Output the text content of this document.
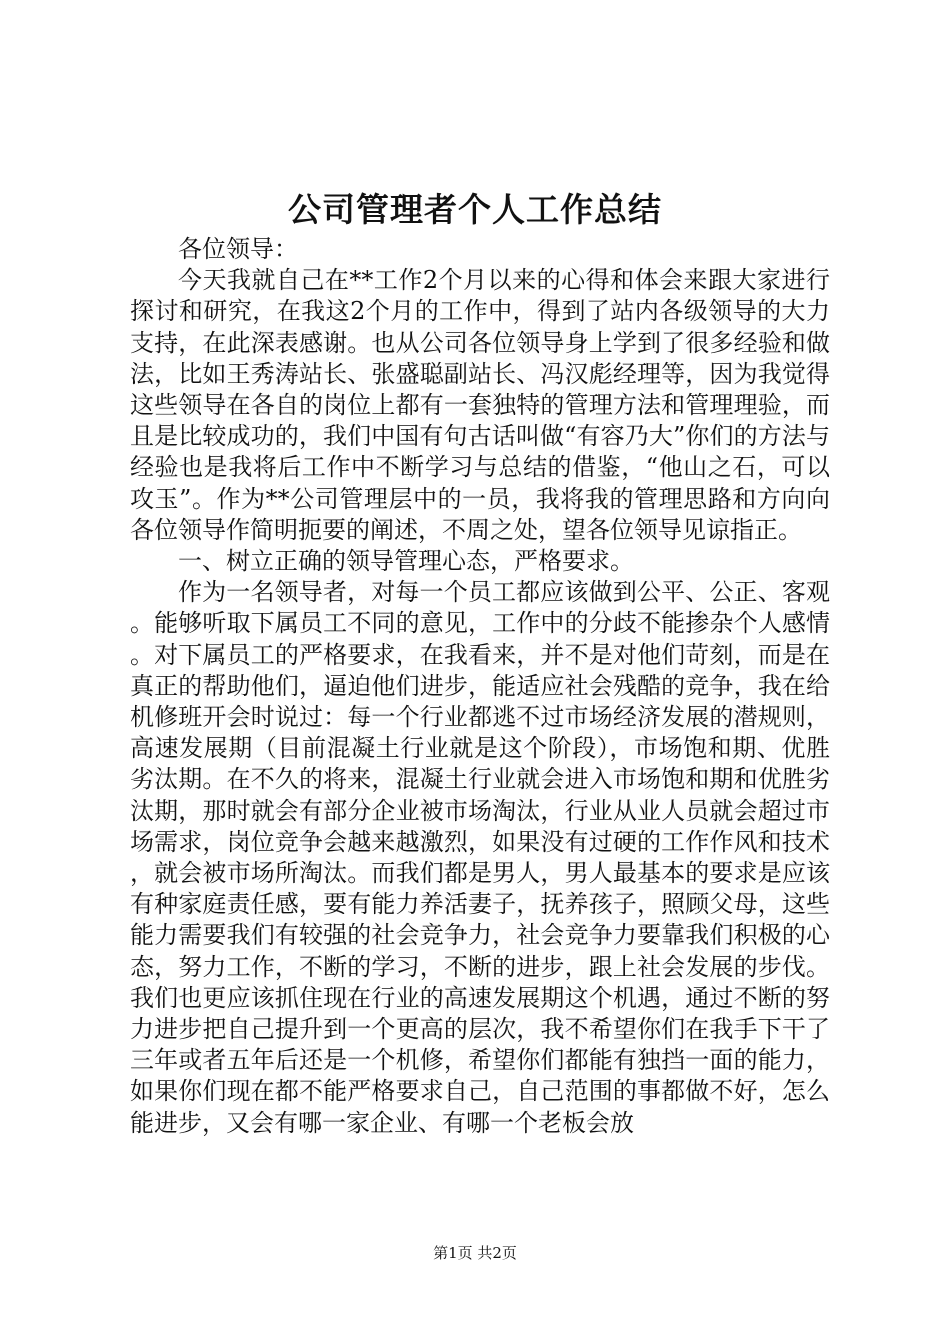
公司管理者个人工作总结

各位领导：

今天我就自己在**工作2个月以来的心得和体会来跟大家进行探讨和研究，在我这2个月的工作中，得到了站内各级领导的大力支持，在此深表感谢。也从公司各位领导身上学到了很多经验和做法，比如王秀涛站长、张盛聪副站长、冯汉彪经理等，因为我觉得这些领导在各自的岗位上都有一套独特的管理方法和管理理验，而且是比较成功的，我们中国有句古话叫做“有容乃大”你们的方法与经验也是我将后工作中不断学习与总结的借鉴，“他山之石，可以攻玉”。作为**公司管理层中的一员，我将我的管理思路和方向向各位领导作简明扼要的阐述，不周之处，望各位领导见谅指正。

一、树立正确的领导管理心态，严格要求。

作为一名领导者，对每一个员工都应该做到公平、公正、客观。能够听取下属员工不同的意见，工作中的分歧不能掺杂个人感情。对下属员工的严格要求，在我看来，并不是对他们苛刻，而是在真正的帮助他们，逼迫他们进步，能适应社会残酷的竞争，我在给机修班开会时说过：每一个行业都逃不过市场经济发展的潜规则，高速发展期（目前混凝土行业就是这个阶段），市场饱和期、优胜劣汰期。在不久的将来，混凝土行业就会进入市场饱和期和优胜劣汰期，那时就会有部分企业被市场淘汰，行业从业人员就会超过市场需求，岗位竞争会越来越激烈，如果没有过硬的工作作风和技术，就会被市场所淘汰。而我们都是男人，男人最基本的要求是应该有种家庭责任感，要有能力养活妻子，抚养孩子，照顾父母，这些能力需要我们有较强的社会竞争力，社会竞争力要靠我们积极的心态，努力工作，不断的学习，不断的进步，跟上社会发展的步伐。我们也更应该抓住现在行业的高速发展期这个机遇，通过不断的努力进步把自己提升到一个更高的层次，我不希望你们在我手下干了三年或者五年后还是一个机修，希望你们都能有独挡一面的能力，如果你们现在都不能严格要求自己，自己范围的事都做不好，怎么能进步，又会有哪一家企业、有哪一个老板会放

第1页 共2页
